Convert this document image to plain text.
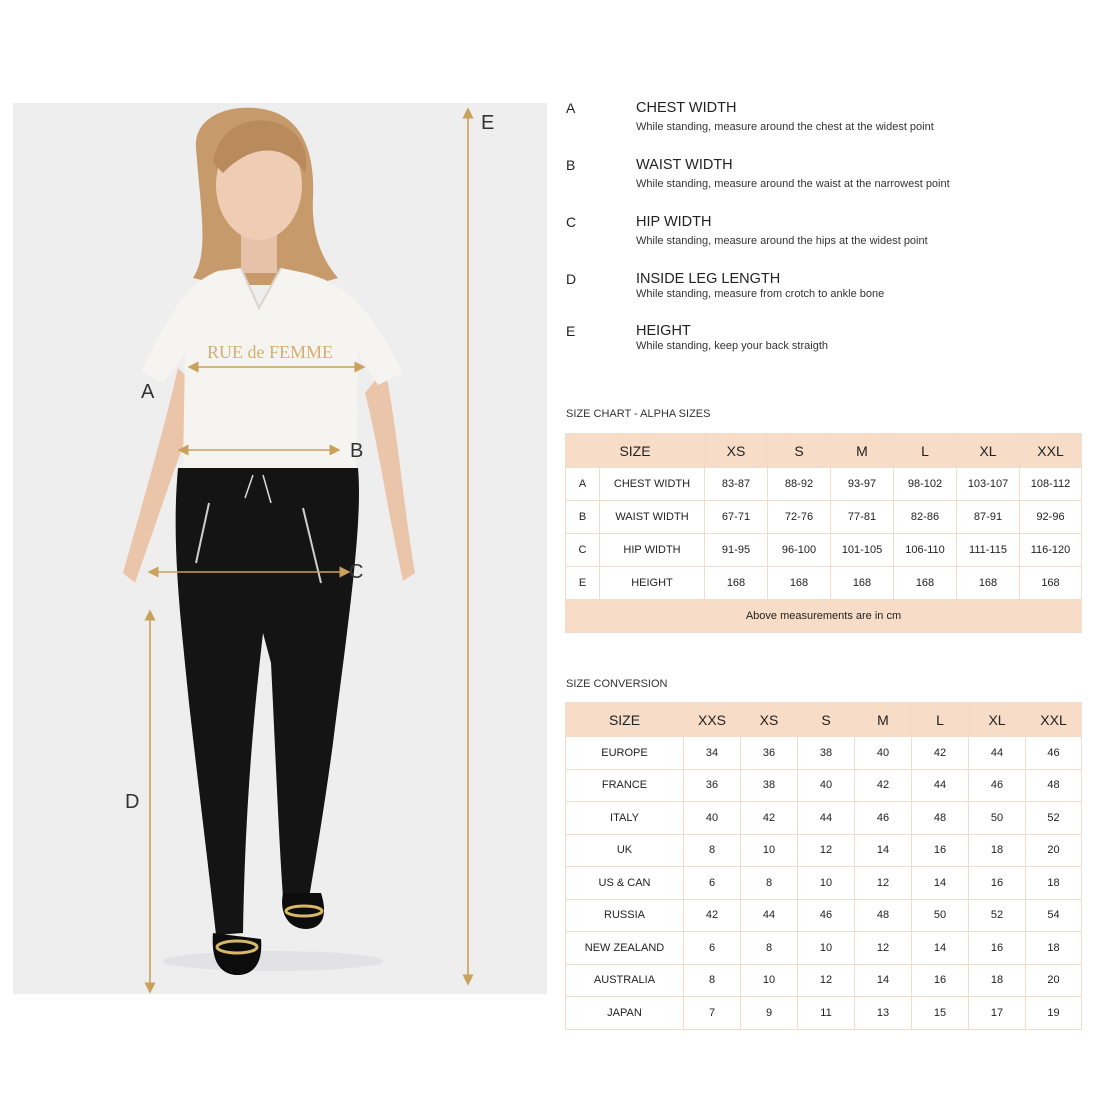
RUE de FEMME
A
B
C
D
E
A	CHEST WIDTH
While standing, measure around the chest at the widest point
B	WAIST WIDTH
While standing, measure around the waist at the narrowest point
C	HIP WIDTH
While standing, measure around the hips at the widest point
D	INSIDE LEG LENGTH
While standing, measure from crotch to ankle bone
E	HEIGHT
While standing, keep your back straigth
SIZE CHART - ALPHA SIZES
SIZE		XS	S	M	L	XL	XXL
A	CHEST WIDTH	83-87	88-92	93-97	98-102	103-107	108-112
B	WAIST WIDTH	67-71	72-76	77-81	82-86	87-91	92-96
C	HIP WIDTH	91-95	96-100	101-105	106-110	111-115	116-120
E	HEIGHT	168	168	168	168	168	168
Above measurements are in cm							
SIZE CONVERSION
SIZE	XXS	XS	S	M	L	XL	XXL
EUROPE	34	36	38	40	42	44	46
FRANCE	36	38	40	42	44	46	48
ITALY	40	42	44	46	48	50	52
UK	8	10	12	14	16	18	20
US & CAN	6	8	10	12	14	16	18
RUSSIA	42	44	46	48	50	52	54
NEW ZEALAND	6	8	10	12	14	16	18
AUSTRALIA	8	10	12	14	16	18	20
JAPAN	7	9	11	13	15	17	19
